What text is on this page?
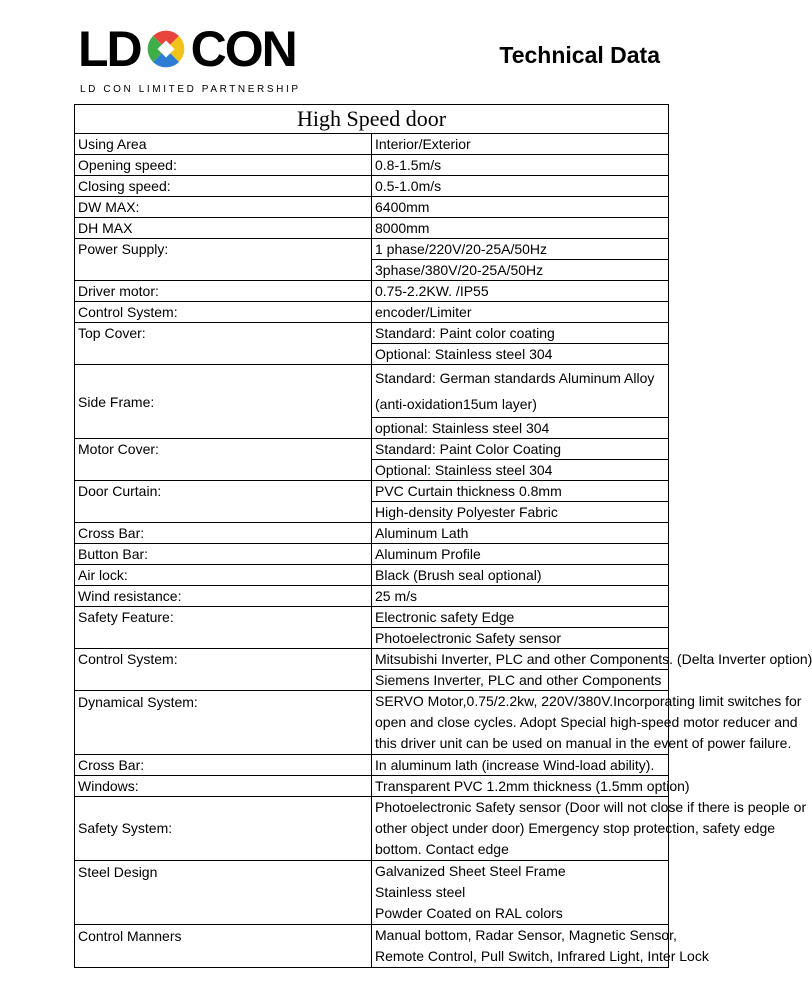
LD CON
LD CON LIMITED PARTNERSHIP
Technical Data
High Speed door	
Using Area	Interior/Exterior
Opening speed:	0.8-1.5m/s
Closing speed:	0.5-1.0m/s
DW MAX:	6400mm
DH MAX	8000mm
Power Supply:	1 phase/220V/20-25A/50Hz
	3phase/380V/20-25A/50Hz
Driver motor:	0.75-2.2KW. /IP55
Control System:	encoder/Limiter
Top Cover:	Standard: Paint color coating
	Optional: Stainless steel 304
Side Frame:	Standard: German standards Aluminum Alloy
	(anti-oxidation15um layer)
	optional: Stainless steel 304
Motor Cover:	Standard: Paint Color Coating
	Optional: Stainless steel 304
Door Curtain:	PVC Curtain thickness 0.8mm
	High-density Polyester Fabric
Cross Bar:	Aluminum Lath
Button Bar:	Aluminum Profile
Air lock:	Black (Brush seal optional)
Wind resistance:	25 m/s
Safety Feature:	Electronic safety Edge
	Photoelectronic Safety sensor
Control System:	Mitsubishi Inverter, PLC and other Components. (Delta Inverter option)
	Siemens Inverter, PLC and other Components
Dynamical System:	SERVO Motor,0.75/2.2kw, 220V/380V.Incorporating limit switches for
open and close cycles. Adopt Special high-speed motor reducer and
this driver unit can be used on manual in the event of power failure.

Cross Bar:	In aluminum lath (increase Wind-load ability).
Windows:	Transparent PVC 1.2mm thickness (1.5mm option)
Safety System:	Photoelectronic Safety sensor (Door will not close if there is people or
other object under door) Emergency stop protection, safety edge
bottom. Contact edge

Steel Design	Galvanized Sheet Steel Frame
Stainless steel
Powder Coated on RAL colors

Control Manners	Manual bottom, Radar Sensor, Magnetic Sensor,
Remote Control, Pull Switch, Infrared Light, Inter Lock
